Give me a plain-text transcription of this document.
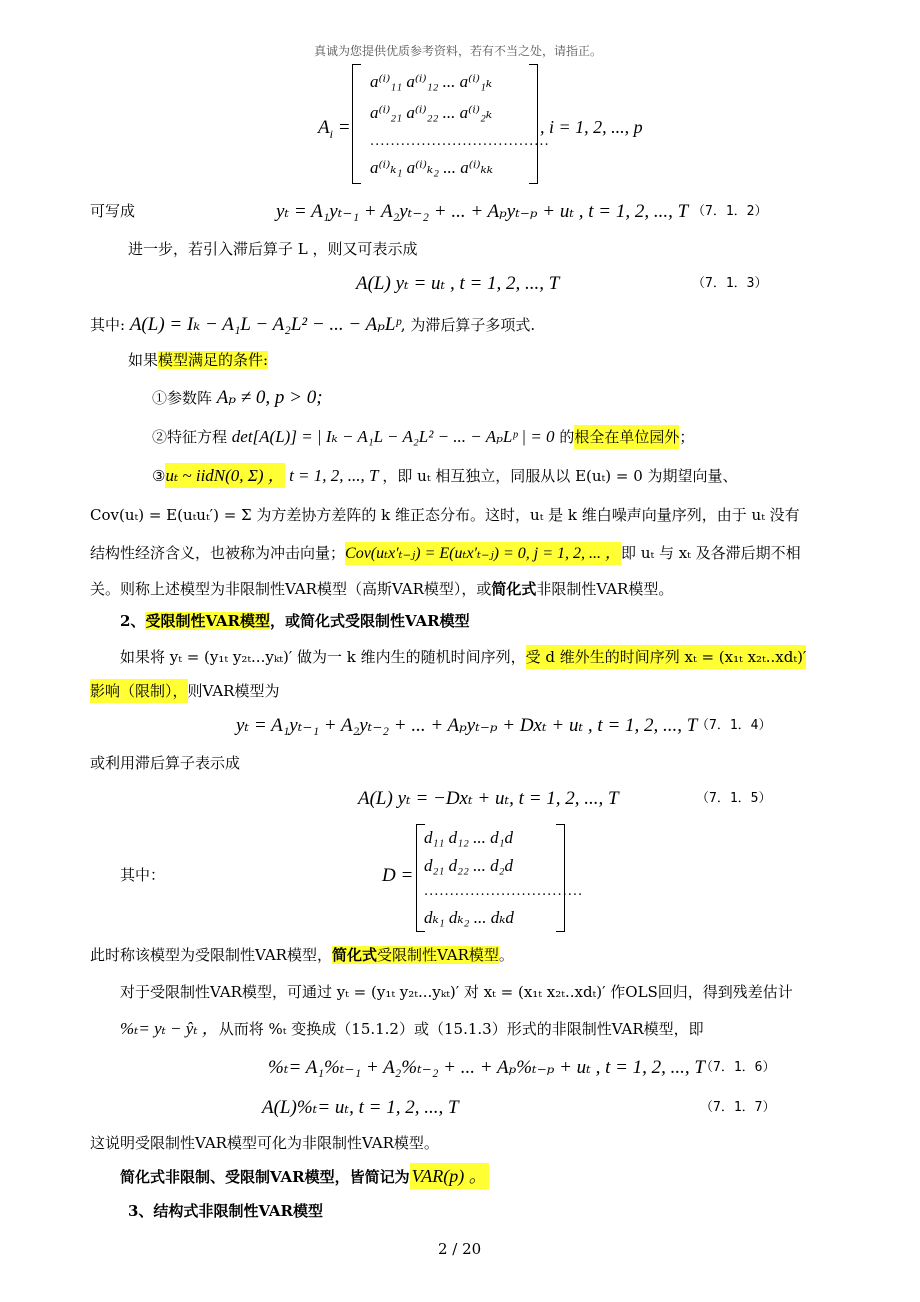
真诚为您提供优质参考资料，若有不当之处，请指正。
$A_i$ =
a⁽ⁱ⁾₁₁ a⁽ⁱ⁾₁₂ ... a⁽ⁱ⁾₁ₖ
a⁽ⁱ⁾₂₁ a⁽ⁱ⁾₂₂ ... a⁽ⁱ⁾₂ₖ
...................................
a⁽ⁱ⁾ₖ₁ a⁽ⁱ⁾ₖ₂ ... a⁽ⁱ⁾ₖₖ
, i = 1, 2, ..., p
可写成	yₜ = A₁yₜ₋₁ + A₂yₜ₋₂ + ... + Aₚyₜ₋ₚ + uₜ , t = 1, 2, ..., T （7．1．2）
进一步，若引入滞后算子 L ，则又可表示成
A(L) yₜ = uₜ , t = 1, 2, ..., T	（7．1．3）
其中: A(L) = Iₖ − A₁L − A₂L² − ... − AₚLᵖ, 为滞后算子多项式.
如果模型满足的条件:
①参数阵 Aₚ ≠ 0, p > 0;
②特征方程 det[A(L)] = | Iₖ − A₁L − A₂L² − ... − AₚLᵖ | = 0 的根全在单位园外；
③uₜ ~ iidN(0, Σ) ， t = 1, 2, ..., T ，即 uₜ 相互独立，同服从以 E(uₜ) = 0 为期望向量、
Cov(uₜ) = E(uₜuₜ′) = Σ 为方差协方差阵的 k 维正态分布。这时，uₜ 是 k 维白噪声向量序列，由于 uₜ 没有
结构性经济含义，也被称为冲击向量；Cov(uₜx′ₜ₋ⱼ) = E(uₜx′ₜ₋ⱼ) = 0, j = 1, 2, ... ，即 uₜ 与 xₜ 及各滞后期不相
关。则称上述模型为非限制性VAR模型（高斯VAR模型），或简化式非限制性VAR模型。
2、受限制性VAR模型，或简化式受限制性VAR模型
如果将 yₜ = (y₁ₜ y₂ₜ...yₖₜ)′ 做为一 k 维内生的随机时间序列，受 d 维外生的时间序列 xₜ = (x₁ₜ x₂ₜ..xdₜ)′
影响（限制），则VAR模型为
yₜ = A₁yₜ₋₁ + A₂yₜ₋₂ + ... + Aₚyₜ₋ₚ + Dxₜ + uₜ , t = 1, 2, ..., T
（7．1．4）
或利用滞后算子表示成
A(L) yₜ = −Dxₜ + uₜ, t = 1, 2, ..., T	（7．1．5）
其中：	D =
d₁₁ d₁₂ ... d₁d
d₂₁ d₂₂ ... d₂d
...............................
dₖ₁ dₖ₂ ... dₖd
此时称该模型为受限制性VAR模型，简化式受限制性VAR模型。
对于受限制性VAR模型，可通过 yₜ = (y₁ₜ y₂ₜ...yₖₜ)′ 对 xₜ = (x₁ₜ x₂ₜ..xdₜ)′ 作OLS回归，得到残差估计
%ₜ= yₜ − ŷₜ ，从而将 %ₜ 变换成（15.1.2）或（15.1.3）形式的非限制性VAR模型，即
%ₜ= A₁%ₜ₋₁ + A₂%ₜ₋₂ + ... + Aₚ%ₜ₋ₚ + uₜ , t = 1, 2, ..., T
（7．1．6）
A(L)%ₜ= uₜ, t = 1, 2, ..., T	（7．1．7）
这说明受限制性VAR模型可化为非限制性VAR模型。
简化式非限制、受限制VAR模型，皆简记为 VAR(p) 。
3、结构式非限制性VAR模型
2 / 20
